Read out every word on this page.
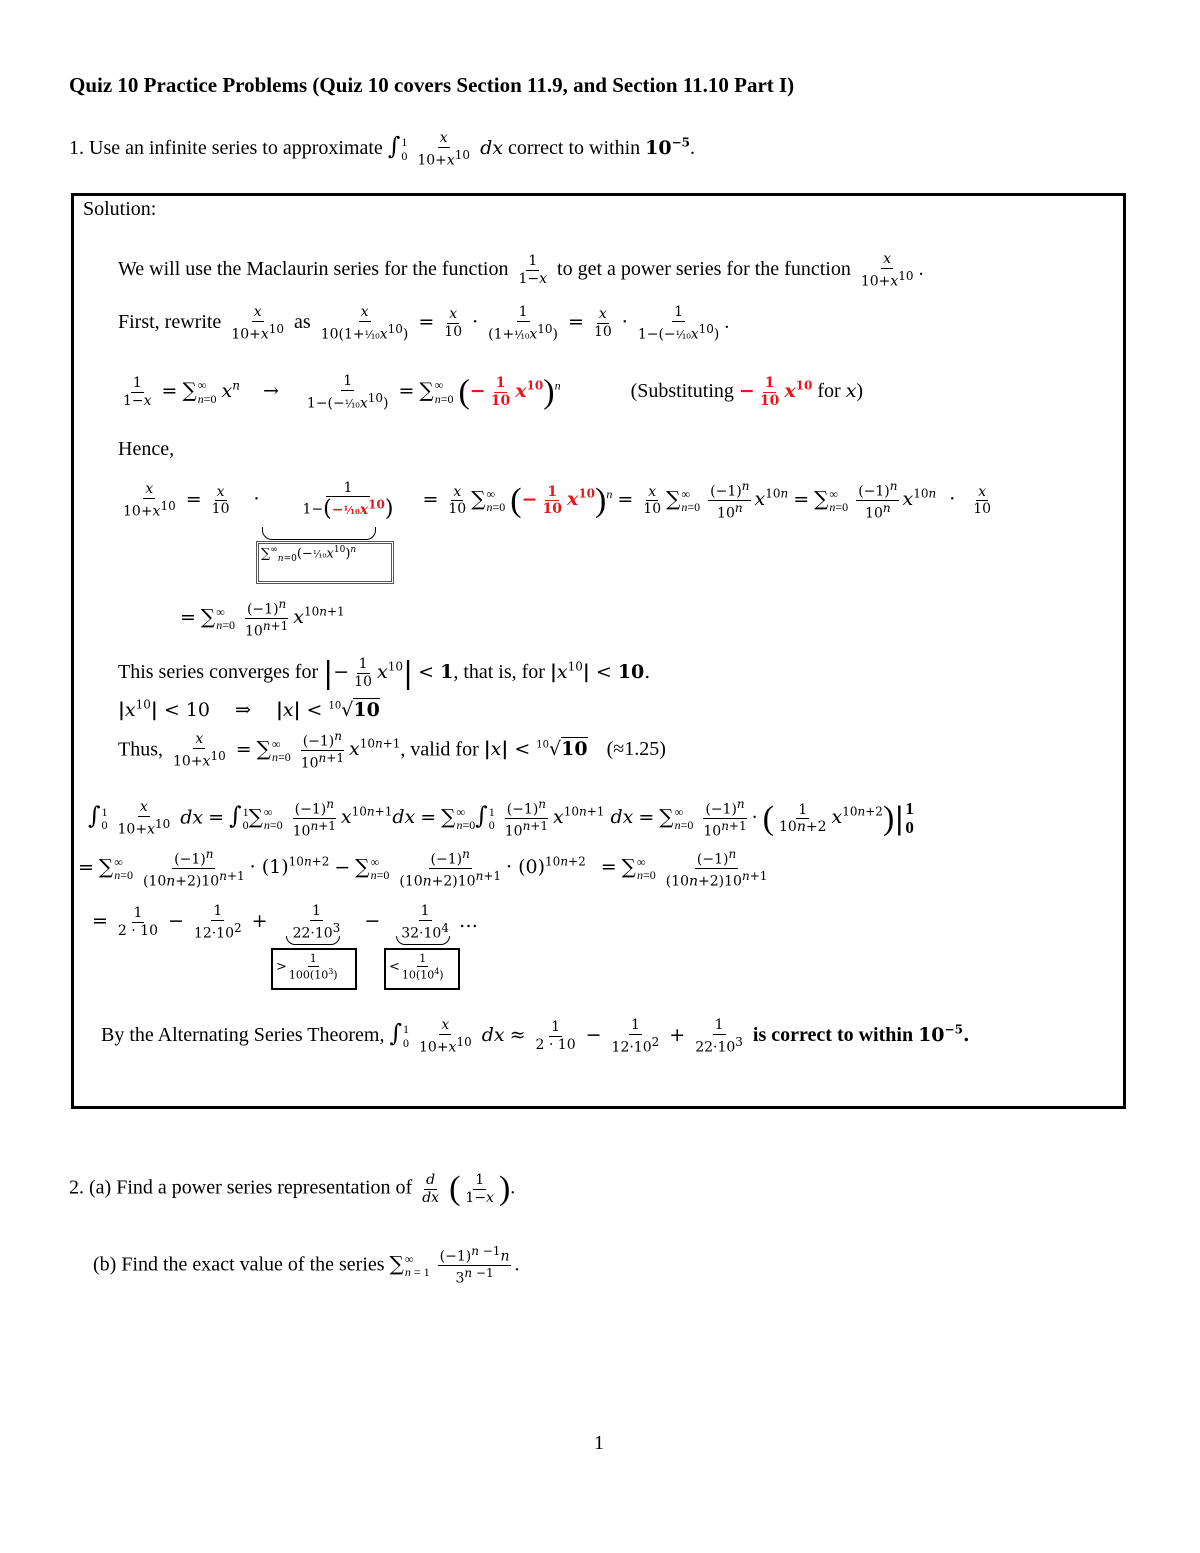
Quiz 10 Practice Problems (Quiz 10 covers Section 11.9, and Section 11.10 Part I)
1. Use an infinite series to approximate ∫ 1
0
$\frac{x}{10+x^{10}}$ dx correct to within $10^{-5}$.
Solution:
We will use the Maclaurin series for the function $\frac{1}{1-x}$ to get a power series for the function $\frac{x}{10+x^{10}}$ .
First, rewrite $\frac{x}{10+x^{10}}$ as $\frac{x}{10(1+^1⁄_{10}x^{10})} = \frac{x}{10} \cdot \frac{1}{(1+^1⁄_{10}x^{10})} = \frac{x}{10} \cdot \frac{1}{1-(-^1⁄_{10}x^{10})}$ .
$\frac{1}{1-x}$ = ∑ ∞
n=0 $x^n \to \frac{1}{1-(-^1⁄_{10}x^{10})}$ = ∑ ∞
n=0 (− $\frac{1}{10} x^{10})^n$	(Substituting − $\frac{1}{10} x^{10}$ for x)
Hence,
$\frac{x}{10+x^{10}} = \frac{x}{10}$ ·	$\frac{1}{1-(-^1⁄_{10}x^{10})} = \frac{x}{10}$ ∑ ∞
n=0 (− $\frac{1}{10} x^{10})^n = \frac{x}{10}$ ∑ ∞
n=0
$\frac{(-1)^n}{10^n} x^{10n}$ = ∑ ∞
n=0
$\frac{(-1)^n}{10^n} x^{10n} \cdot \frac{x}{10}$
$\sum^\infty_{n=0}(-^1⁄_{10}x^{10})^n$
= ∑ ∞
n=0
$\frac{(-1)^n}{10^{n+1}} x^{10n+1}$
This series converges for |− $\frac{1}{10} x^{10}| < 1$, that is, for $|x^{10}| < 10$.
$|x^{10}| < 10$ ⇒ |x| < $^{10}$√10
Thus, $\frac{x}{10+x^{10}}$ = ∑ ∞
n=0
$\frac{(-1)^n}{10^{n+1}} x^{10n+1}$, valid for |x| < $^{10}$√10 (≈1.25)
∫ 1
0
$\frac{x}{10+x^{10}}$ dx = ∫ 1
0 ∑ ∞
n=0
$\frac{(-1)^n}{10^{n+1}} x^{10n+1}dx$ = ∑ ∞
n=0 ∫ 1
0
$\frac{(-1)^n}{10^{n+1}} x^{10n+1}$ dx = ∑ ∞
n=0
$\frac{(-1)^n}{10^{n+1}}$ · ( $\frac{1}{10n+2} x^{10n+2})|$ 1
0
= ∑ ∞
n=0
$\frac{(-1)^n}{(10n+2)10^{n+1}} \cdot (1)^{10n+2}$ − ∑ ∞
n=0
$\frac{(-1)^n}{(10n+2)10^{n+1}} \cdot (0)^{10n+2}$ = ∑ ∞
n=0
$\frac{(-1)^n}{(10n+2)10^{n+1}}$
= $\frac{1}{2 \cdot 10} - \frac{1}{12\cdot 10^2} + \frac{1}{22\cdot 10^3} - \frac{1}{32\cdot 10^4}$ …
> $\frac{1}{100(10^3)}$	< $\frac{1}{10(10^4)}$
By the Alternating Series Theorem, ∫ 1
0
$\frac{x}{10+x^{10}}$ dx ≈ $\frac{1}{2 \cdot 10} - \frac{1}{12\cdot 10^2} + \frac{1}{22\cdot 10^3}$ is correct to within $10^{-5}$.
2. (a) Find a power series representation of $\frac{d}{dx}$ ( $\frac{1}{1-x}$ ).
(b) Find the exact value of the series ∑ ∞
n = 1
$\frac{(-1)^{n -1}n}{3^{n -1}}$ .
1
